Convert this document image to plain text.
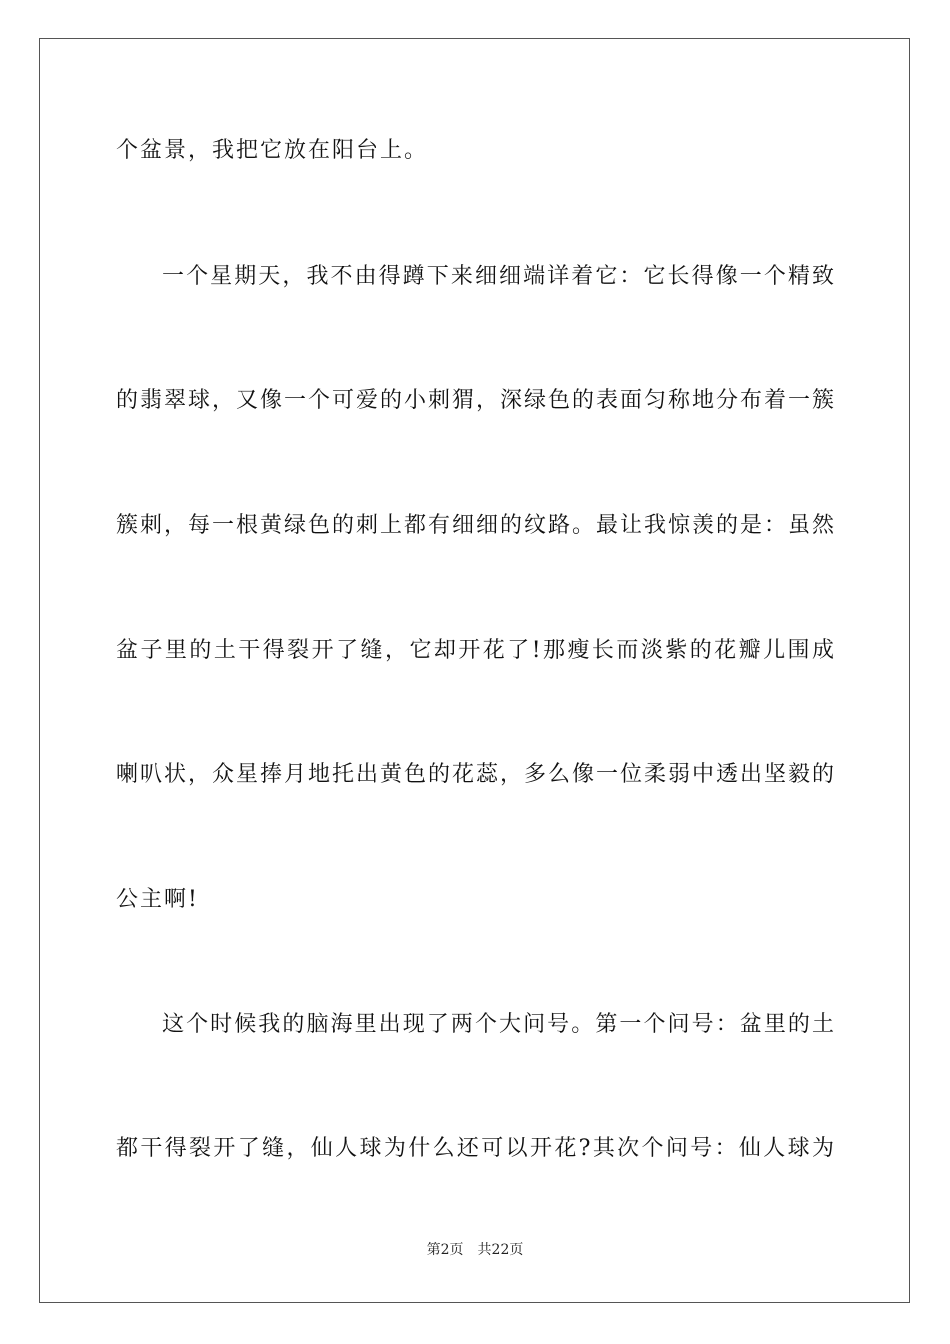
个盆景，我把它放在阳台上。
一个星期天，我不由得蹲下来细细端详着它：它长得像一个精致
的翡翠球，又像一个可爱的小刺猬，深绿色的表面匀称地分布着一簇
簇刺，每一根黄绿色的刺上都有细细的纹路。最让我惊羡的是：虽然
盆子里的土干得裂开了缝，它却开花了!那瘦长而淡紫的花瓣儿围成
喇叭状，众星捧月地托出黄色的花蕊，多么像一位柔弱中透出坚毅的
公主啊!
这个时候我的脑海里出现了两个大问号。第一个问号：盆里的土
都干得裂开了缝，仙人球为什么还可以开花?其次个问号：仙人球为
第2页 共22页
